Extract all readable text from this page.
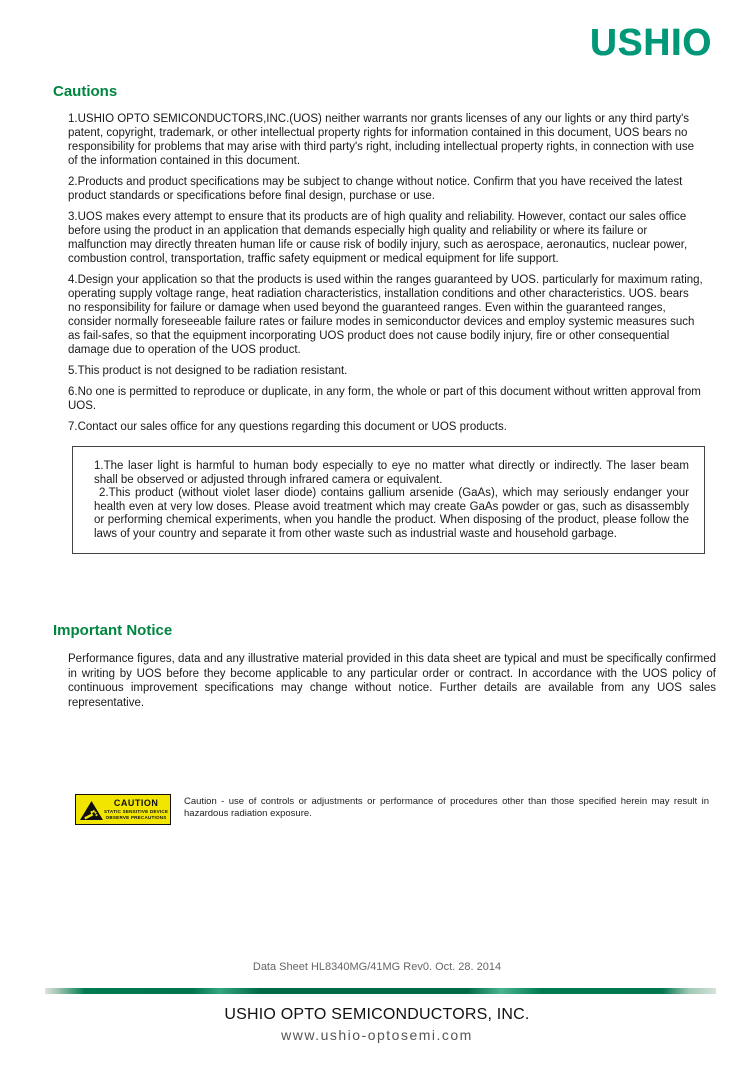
USHIO
Cautions

1.USHIO OPTO SEMICONDUCTORS,INC.(UOS) neither warrants nor grants licenses of any our lights or any third party's patent, copyright, trademark, or other intellectual property rights for information contained in this document, UOS bears no responsibility for problems that may arise with third party's right, including intellectual property rights, in connection with use of the information contained in this document.

2.Products and product specifications may be subject to change without notice. Confirm that you have received the latest product standards or specifications before final design, purchase or use.

3.UOS makes every attempt to ensure that its products are of high quality and reliability. However, contact our sales office before using the product in an application that demands especially high quality and reliability or where its failure or malfunction may directly threaten human life or cause risk of bodily injury, such as aerospace, aeronautics, nuclear power, combustion control, transportation, traffic safety equipment or medical equipment for life support.

4.Design your application so that the products is used within the ranges guaranteed by UOS. particularly for maximum rating, operating supply voltage range, heat radiation characteristics, installation conditions and other characteristics. UOS. bears no responsibility for failure or damage when used beyond the guaranteed ranges. Even within the guaranteed ranges, consider normally foreseeable failure rates or failure modes in semiconductor devices and employ systemic measures such as fail-safes, so that the equipment incorporating UOS product does not cause bodily injury, fire or other consequential damage due to operation of the UOS product.

5.This product is not designed to be radiation resistant.

6.No one is permitted to reproduce or duplicate, in any form, the whole or part of this document without written approval from UOS.

7.Contact our sales office for any questions regarding this document or UOS products.

1.The laser light is harmful to human body especially to eye no matter what directly or indirectly. The laser beam shall be observed or adjusted through infrared camera or equivalent.

2.This product (without violet laser diode) contains gallium arsenide (GaAs), which may seriously endanger your health even at very low doses. Please avoid treatment which may create GaAs powder or gas, such as disassembly or performing chemical experiments, when you handle the product. When disposing of the product, please follow the laws of your country and separate it from other waste such as industrial waste and household garbage.

Important Notice

Performance figures, data and any illustrative material provided in this data sheet are typical and must be specifically confirmed in writing by UOS before they become applicable to any particular order or contract. In accordance with the UOS policy of continuous improvement specifications may change without notice. Further details are available from any UOS sales representative.

CAUTION
STATIC SENSITIVE DEVICE
OBSERVE PRECAUTIONS
Caution - use of controls or adjustments or performance of procedures other than those specified herein may result in hazardous radiation exposure.
Data Sheet HL8340MG/41MG Rev0. Oct. 28. 2014
USHIO OPTO SEMICONDUCTORS, INC.
www.ushio-optosemi.com
